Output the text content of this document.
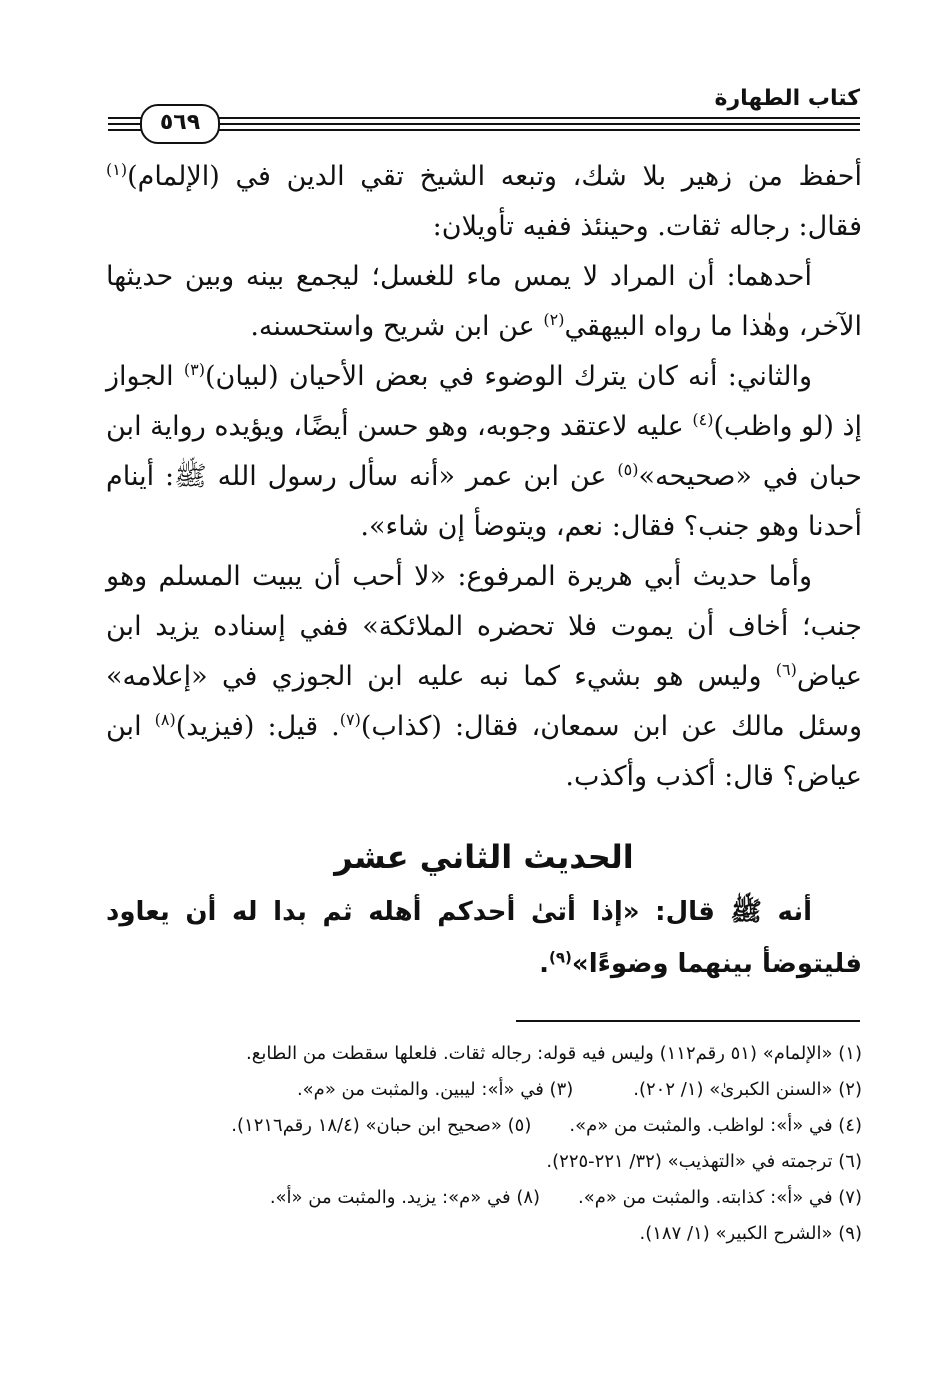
كتاب الطهارة
٥٦٩

أحفظ من زهير بلا شك، وتبعه الشيخ تقي الدين في (الإلمام)$^{(١)}$ فقال: رجاله ثقات. وحينئذ ففيه تأويلان:

أحدهما: أن المراد لا يمس ماء للغسل؛ ليجمع بينه وبين حديثها الآخر، وهٰذا ما رواه البيهقي$^{(٢)}$ عن ابن شريح واستحسنه.

والثاني: أنه كان يترك الوضوء في بعض الأحيان (لبيان)$^{(٣)}$ الجواز إذ (لو واظب)$^{(٤)}$ عليه لاعتقد وجوبه، وهو حسن أيضًا، ويؤيده رواية ابن حبان في «صحيحه»$^{(٥)}$ عن ابن عمر «أنه سأل رسول الله ﷺ: أينام أحدنا وهو جنب؟ فقال: نعم، ويتوضأ إن شاء».

وأما حديث أبي هريرة المرفوع: «لا أحب أن يبيت المسلم وهو جنب؛ أخاف أن يموت فلا تحضره الملائكة» ففي إسناده يزيد ابن عياض$^{(٦)}$ وليس هو بشيء كما نبه عليه ابن الجوزي في «إعلامه» وسئل مالك عن ابن سمعان، فقال: (كذاب)$^{(٧)}$. قيل: (فيزيد)$^{(٨)}$ ابن عياض؟ قال: أكذب وأكذب.

الحديث الثاني عشر
أنه ﷺ قال: «إذا أتىٰ أحدكم أهله ثم بدا له أن يعاود فليتوضأ بينهما وضوءًا»$^{(٩)}$.
(١) «الإلمام» (٥١ رقم١١٢) وليس فيه قوله: رجاله ثقات. فلعلها سقطت من الطابع.
(٢) «السنن الكبرىٰ» (١/ ٢٠٢).
(٣) في «أ»: ليبين. والمثبت من «م».
(٤) في «أ»: لواظب. والمثبت من «م».
(٥) «صحيح ابن حبان» (١٨/٤ رقم١٢١٦).
(٦) ترجمته في «التهذيب» (٣٢/ ٢٢١-٢٢٥).
(٧) في «أ»: كذابته. والمثبت من «م».
(٨) في «م»: يزيد. والمثبت من «أ».
(٩) «الشرح الكبير» (١/ ١٨٧).
